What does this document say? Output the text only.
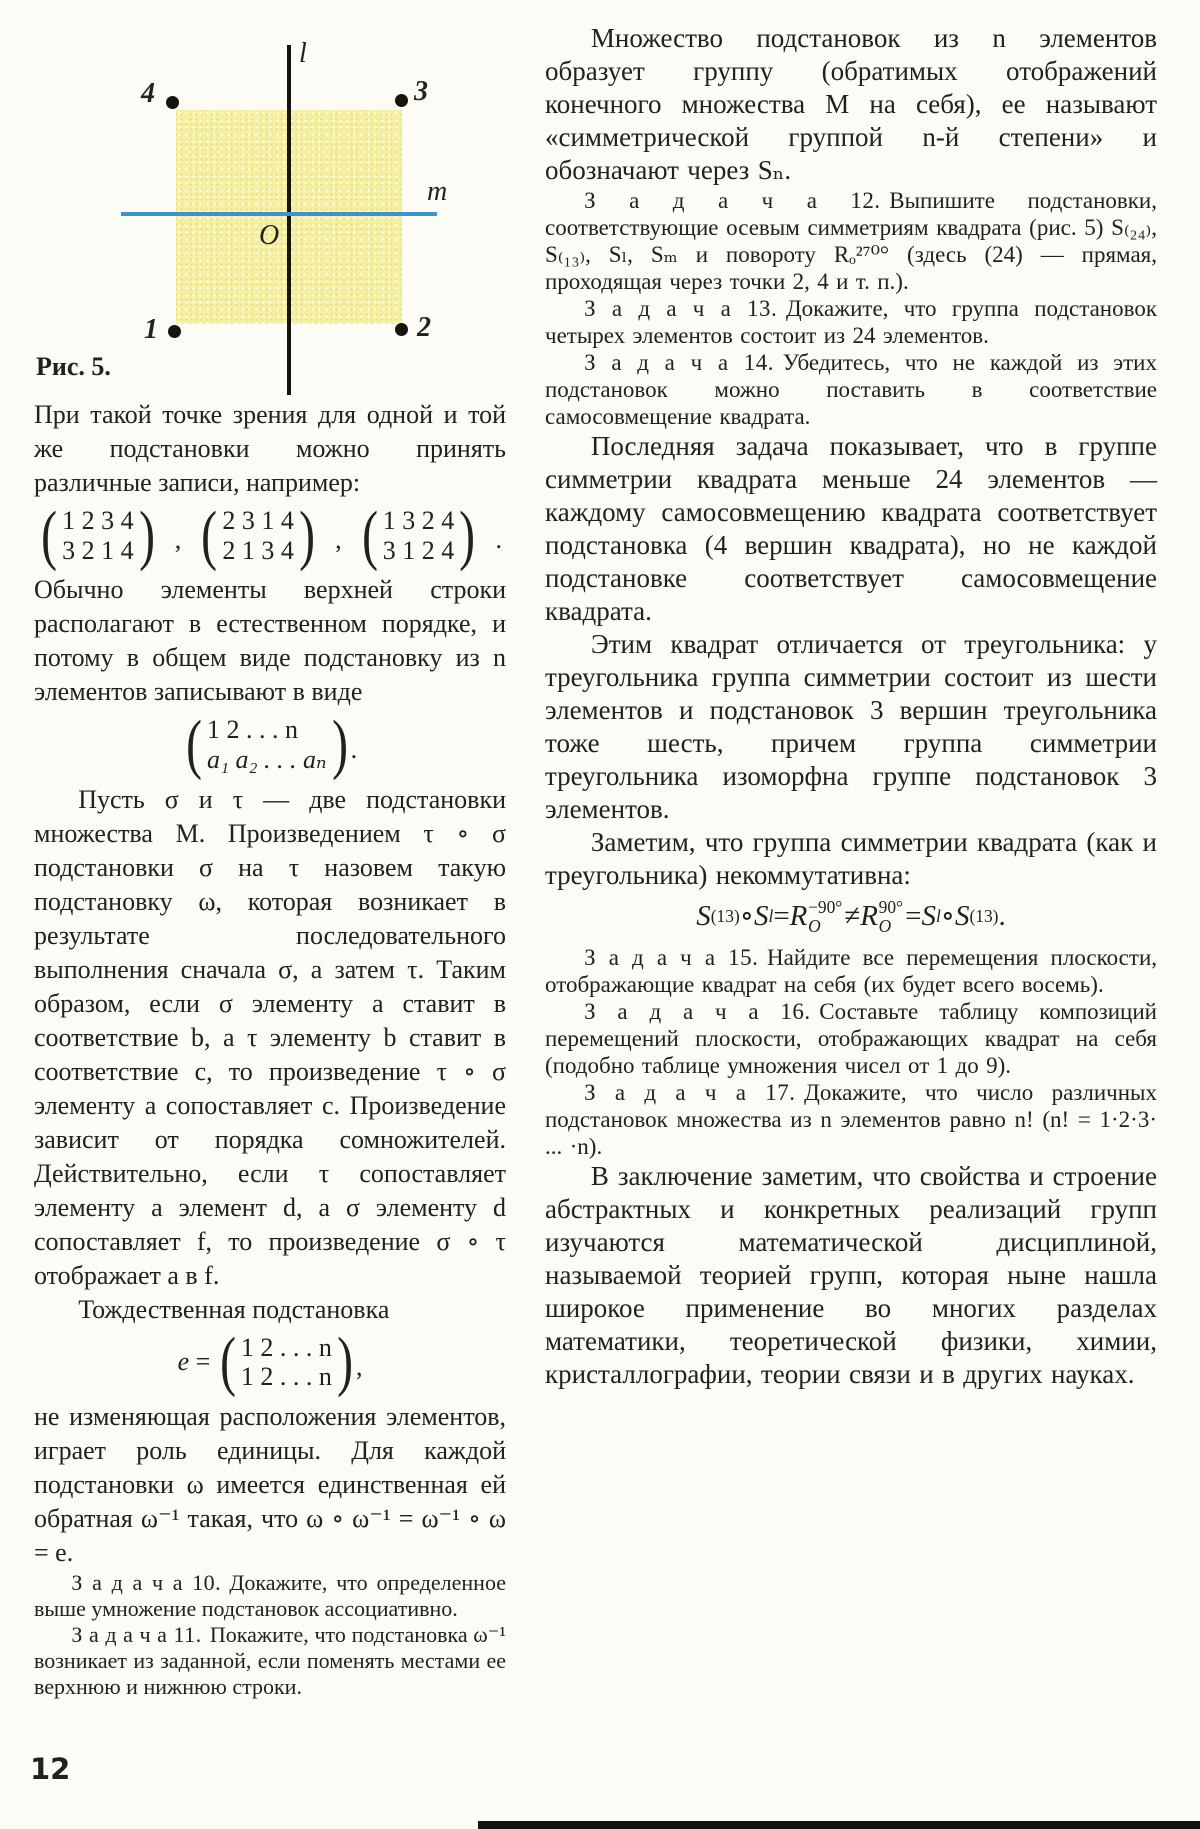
l
m
O
4	3
1	2
Рис. 5.

При такой точке зрения для одной и той же подстановки можно принять различные записи, например:

( 1 2 3 4
3 2 1 4 ) , ( 2 3 1 4
2 1 3 4 ) , ( 1 3 2 4
3 1 2 4 ) .

Обычно элементы верхней строки располагают в естественном порядке, и потому в общем виде подстановку из n элементов записывают в виде

( 1 2 . . . n
a₁ a₂ . . . aₙ ) .

Пусть σ и τ — две подстановки множества M. Произведением τ ∘ σ подстановки σ на τ назовем такую подстановку ω, которая возникает в результате последовательного выполнения сначала σ, а затем τ. Таким образом, если σ элементу a ставит в соответствие b, а τ элементу b ставит в соответствие c, то произведение τ ∘ σ элементу a сопоставляет c. Произведение зависит от порядка сомножителей. Действительно, если τ сопоставляет элементу a элемент d, а σ элементу d сопоставляет f, то произведение σ ∘ τ отображает a в f.

Тождественная подстановка

e = ( 1 2 . . . n
1 2 . . . n ) ,

не изменяющая расположения элементов, играет роль единицы. Для каждой подстановки ω имеется единственная ей обратная ω⁻¹ такая, что ω ∘ ω⁻¹ = ω⁻¹ ∘ ω = e.

З а д а ч а 10. Докажите, что определенное выше умножение подстановок ассоциативно.

З а д а ч а 11. Покажите, что подстановка ω⁻¹ возникает из заданной, если поменять местами ее верхнюю и нижнюю строки.

Множество подстановок из n элементов образует группу (обратимых отображений конечного множества M на себя), ее называют «симметрической группой n-й степени» и обозначают через Sₙ.

З а д а ч а 12. Выпишите подстановки, соответствующие осевым симметриям квадрата (рис. 5) S₍₂₄₎, S₍₁₃₎, Sₗ, Sₘ и повороту Rₒ²⁷⁰° (здесь (24) — прямая, проходящая через точки 2, 4 и т. п.).

З а д а ч а 13. Докажите, что группа подстановок четырех элементов состоит из 24 элементов.

З а д а ч а 14. Убедитесь, что не каждой из этих подстановок можно поставить в соответствие самосовмещение квадрата.

Последняя задача показывает, что в группе симметрии квадрата меньше 24 элементов — каждому самосовмещению квадрата соответствует подстановка (4 вершин квадрата), но не каждой подстановке соответствует самосовмещение квадрата.

Этим квадрат отличается от треугольника: у треугольника группа симметрии состоит из шести элементов и подстановок 3 вершин треугольника тоже шесть, причем группа симметрии треугольника изоморфна группе подстановок 3 элементов.

Заметим, что группа симметрии квадрата (как и треугольника) некоммутативна:

S (13) ∘ S l = R −90°
O ≠ R 90°
O = S l ∘ S (13) .

З а д а ч а 15. Найдите все перемещения плоскости, отображающие квадрат на себя (их будет всего восемь).

З а д а ч а 16. Составьте таблицу композиций перемещений плоскости, отображающих квадрат на себя (подобно таблице умножения чисел от 1 до 9).

З а д а ч а 17. Докажите, что число различных подстановок множества из n элементов равно n! (n! = 1·2·3· ... ·n).

В заключение заметим, что свойства и строение абстрактных и конкретных реализаций групп изучаются математической дисциплиной, называемой теорией групп, которая ныне нашла широкое применение во многих разделах математики, теоретической физики, химии, кристаллографии, теории связи и в других науках.

12
